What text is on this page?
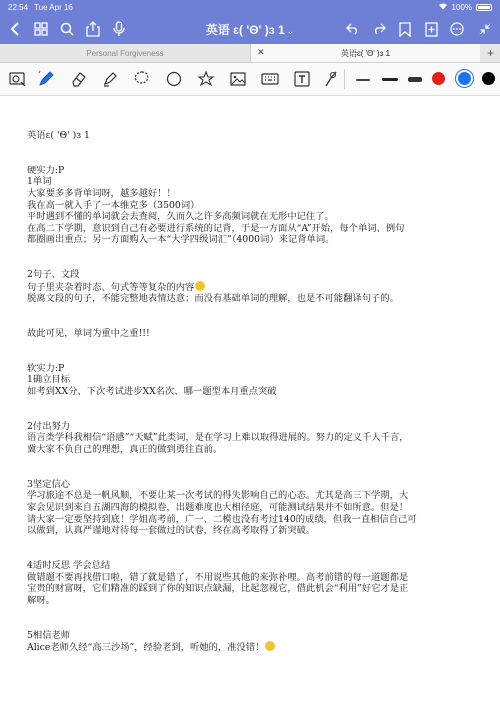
22:54 Tue Apr 16	100%
英语 ɛ( 'Θ' )ɜ 1 ⌄
Personal Forgiveness	✕	英语ɛ( 'Θ' )ɜ 1	+
英语ɛ( 'Θ' )ɜ 1
硬实力:P
1单词
大家要多多背单词呀，越多越好！！
我在高一就入手了一本维克多（3500词）
平时遇到不懂的单词就会去查阅，久而久之许多高频词就在无形中记住了。
在高二下学期，意识到自己有必要进行系统的记背，于是一方面从“A”开始，每个单词、例句
都圈画出重点；另一方面购入一本“大学四级词汇”（4000词）来记背单词。
2句子、文段
句子里夹杂着时态、句式等等复杂的内容
脱离文段的句子，不能完整地表情达意；而没有基础单词的理解，也是不可能翻译句子的。
故此可见，单词为重中之重!!!
软实力:P
1确立目标
如考到XX分、下次考试进步XX名次、哪一题型本月重点突破
2付出努力
语言类学科我相信“语感”“天赋”此类词，是在学习上难以取得进展的。努力的定义千人千言，
冀大家不负自己的理想，真正的做到勇往直前。
3坚定信心
学习旅途不总是一帆风顺，不要让某一次考试的得失影响自己的心态。尤其是高三下学期，大
家会见识到来自五湖四海的模拟卷，出题难度也大相径庭，可能测试结果并不如所意。但是！
请大家一定要坚持到底！学姐高考前，广一、二模也没有考过140的成绩，但我一直相信自己可
以做到，认真严谨地对待每一套做过的试卷，终在高考取得了新突破。
4适时反思 学会总结
做错题不要再找借口啦，错了就是错了，不用说些其他的来弥补哩。高考前错的每一道题都是
宝贵的财富呀，它们精准的踩到了你的知识点缺漏，比起忽视它，借此机会“利用”好它才是正
解呀。
5相信老师
Alice老师久经“高三沙场”，经验老到，听她的，准没错！
